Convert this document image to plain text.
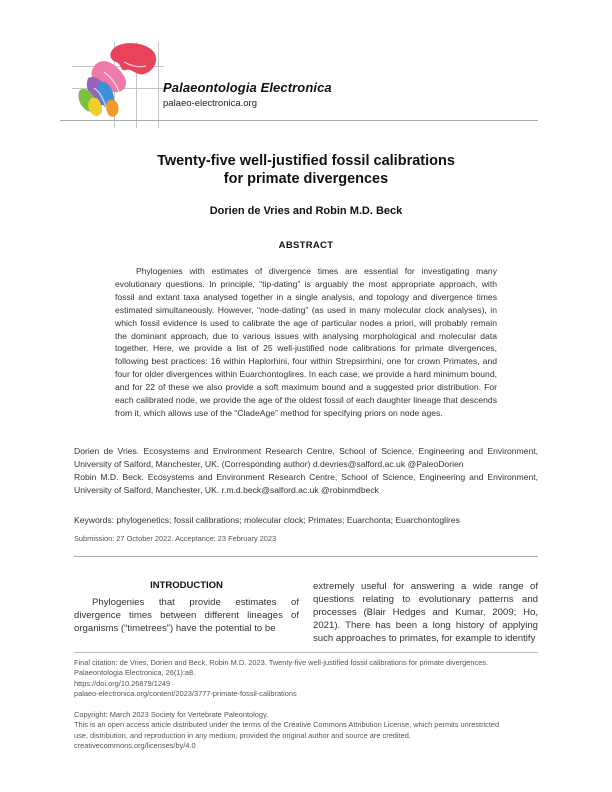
Palaeontologia Electronica
palaeo-electronica.org
Twenty-five well-justified fossil calibrations
for primate divergences
Dorien de Vries and Robin M.D. Beck
ABSTRACT

Phylogenies with estimates of divergence times are essential for investigating many evolutionary questions. In principle, “tip-dating” is arguably the most appropriate approach, with fossil and extant taxa analysed together in a single analysis, and topology and divergence times estimated simultaneously. However, “node-dating” (as used in many molecular clock analyses), in which fossil evidence is used to calibrate the age of particular nodes a priori, will probably remain the dominant approach, due to various issues with analysing morphological and molecular data together. Here, we provide a list of 25 well-justified node calibrations for primate divergences, following best practices: 16 within Haplorhini, four within Strepsirrhini, one for crown Primates, and four for older divergences within Euarchontoglires. In each case, we provide a hard minimum bound, and for 22 of these we also provide a soft maximum bound and a suggested prior distribution. For each calibrated node, we provide the age of the oldest fossil of each daughter lineage that descends from it, which allows use of the “CladeAge” method for specifying priors on node ages.

Dorien de Vries. Ecosystems and Environment Research Centre, School of Science, Engineering and Environment, University of Salford, Manchester, UK. (Corresponding author) d.devries@salford.ac.uk @PaleoDorien

Robin M.D. Beck. Ecosystems and Environment Research Centre, School of Science, Engineering and Environment, University of Salford, Manchester, UK. r.m.d.beck@salford.ac.uk @robinmdbeck

Keywords: phylogenetics; fossil calibrations; molecular clock; Primates; Euarchonta; Euarchontoglires
Submission: 27 October 2022. Acceptance: 23 February 2023
INTRODUCTION

Phylogenies that provide estimates of divergence times between different lineages of organisms (“timetrees”) have the potential to be

extremely useful for answering a wide range of questions relating to evolutionary patterns and processes (Blair Hedges and Kumar, 2009; Ho, 2021). There has been a long history of applying such approaches to primates, for example to identify

Final citation: de Vries, Dorien and Beck, Robin M.D. 2023. Twenty-five well-justified fossil calibrations for primate divergences.
Palaeontologia Electronica, 26(1):a8.
https://doi.org/10.26879/1249
palaeo-electronica.org/content/2023/3777-primate-fossil-calibrations
Copyright: March 2023 Society for Vertebrate Paleontology.
This is an open access article distributed under the terms of the Creative Commons Attribution License, which permits unrestricted
use, distribution, and reproduction in any medium, provided the original author and source are credited.
creativecommons.org/licenses/by/4.0
